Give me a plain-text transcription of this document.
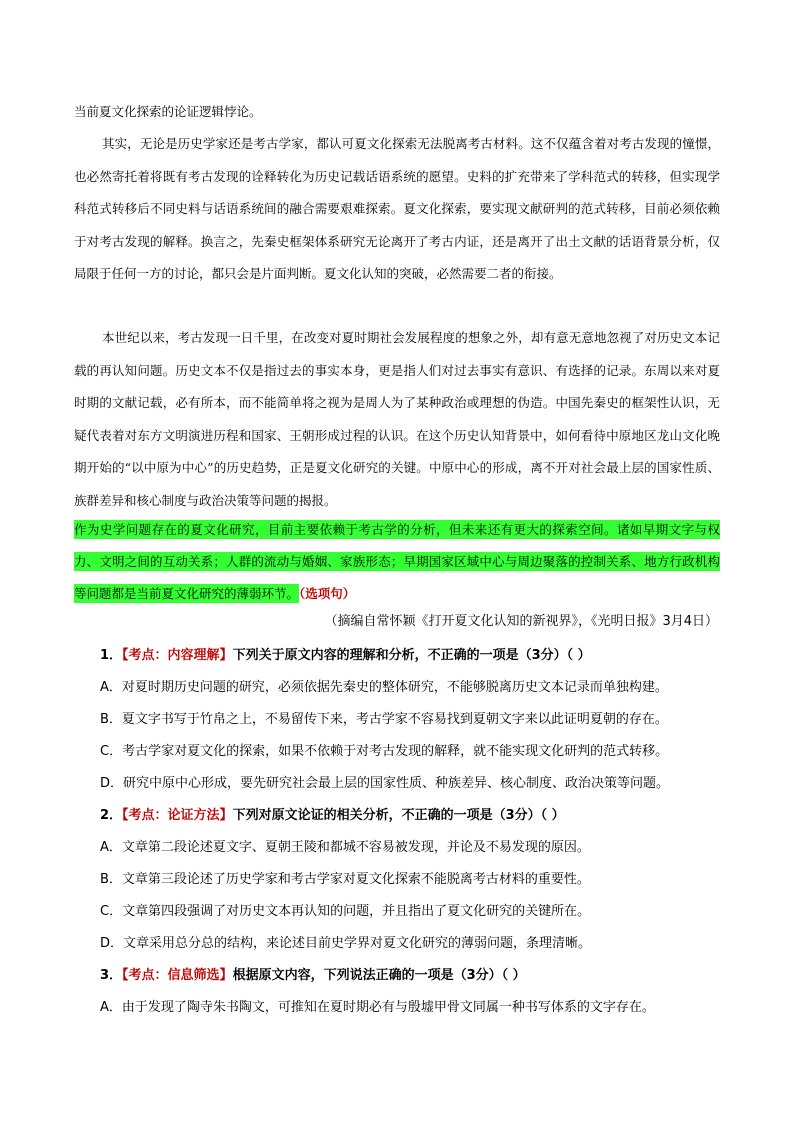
当前夏文化探索的论证逻辑悖论。
其实，无论是历史学家还是考古学家，都认可夏文化探索无法脱离考古材料。这不仅蕴含着对考古发现的憧憬，也必然寄托着将既有考古发现的诠释转化为历史记载话语系统的愿望。史料的扩充带来了学科范式的转移，但实现学科范式转移后不同史料与话语系统间的融合需要艰难探索。夏文化探索，要实现文献研判的范式转移，目前必须依赖于对考古发现的解释。换言之，先秦史框架体系研究无论离开了考古内证，还是离开了出土文献的话语背景分析，仅局限于任何一方的讨论，都只会是片面判断。夏文化认知的突破，必然需要二者的衔接。
本世纪以来，考古发现一日千里，在改变对夏时期社会发展程度的想象之外，却有意无意地忽视了对历史文本记载的再认知问题。历史文本不仅是指过去的事实本身，更是指人们对过去事实有意识、有选择的记录。东周以来对夏时期的文献记载，必有所本，而不能简单将之视为是周人为了某种政治或理想的伪造。中国先秦史的框架性认识，无疑代表着对东方文明演进历程和国家、王朝形成过程的认识。在这个历史认知背景中，如何看待中原地区龙山文化晚期开始的“以中原为中心”的历史趋势，正是夏文化研究的关键。中原中心的形成，离不开对社会最上层的国家性质、族群差异和核心制度与政治决策等问题的揭报。
作为史学问题存在的夏文化研究，目前主要依赖于考古学的分析，但未来还有更大的探索空间。诸如早期文字与权力、文明之间的互动关系；人群的流动与婚姻、家族形态；早期国家区域中心与周边聚落的控制关系、地方行政机构等问题都是当前夏文化研究的薄弱环节。（选项句）
（摘编自常怀颖《打开夏文化认知的新视界》，《光明日报》3月4日）
1．【考点：内容理解】下列关于原文内容的理解和分析，不正确的一项是（3分）（ ）
A．对夏时期历史问题的研究，必须依据先秦史的整体研究，不能够脱离历史文本记录而单独构建。
B．夏文字书写于竹帛之上，不易留传下来，考古学家不容易找到夏朝文字来以此证明夏朝的存在。
C．考古学家对夏文化的探索，如果不依赖于对考古发现的解释，就不能实现文化研判的范式转移。
D．研究中原中心形成，要先研究社会最上层的国家性质、种族差异、核心制度、政治决策等问题。
2．【考点：论证方法】下列对原文论证的相关分析，不正确的一项是（3分）（ ）
A．文章第二段论述夏文字、夏朝王陵和都城不容易被发现，并论及不易发现的原因。
B．文章第三段论述了历史学家和考古学家对夏文化探索不能脱离考古材料的重要性。
C．文章第四段强调了对历史文本再认知的问题，并且指出了夏文化研究的关键所在。
D．文章采用总分总的结构，来论述目前史学界对夏文化研究的薄弱问题，条理清晰。
3．【考点：信息筛选】根据原文内容，下列说法正确的一项是（3分）（ ）
A．由于发现了陶寺朱书陶文，可推知在夏时期必有与殷墟甲骨文同属一种书写体系的文字存在。
